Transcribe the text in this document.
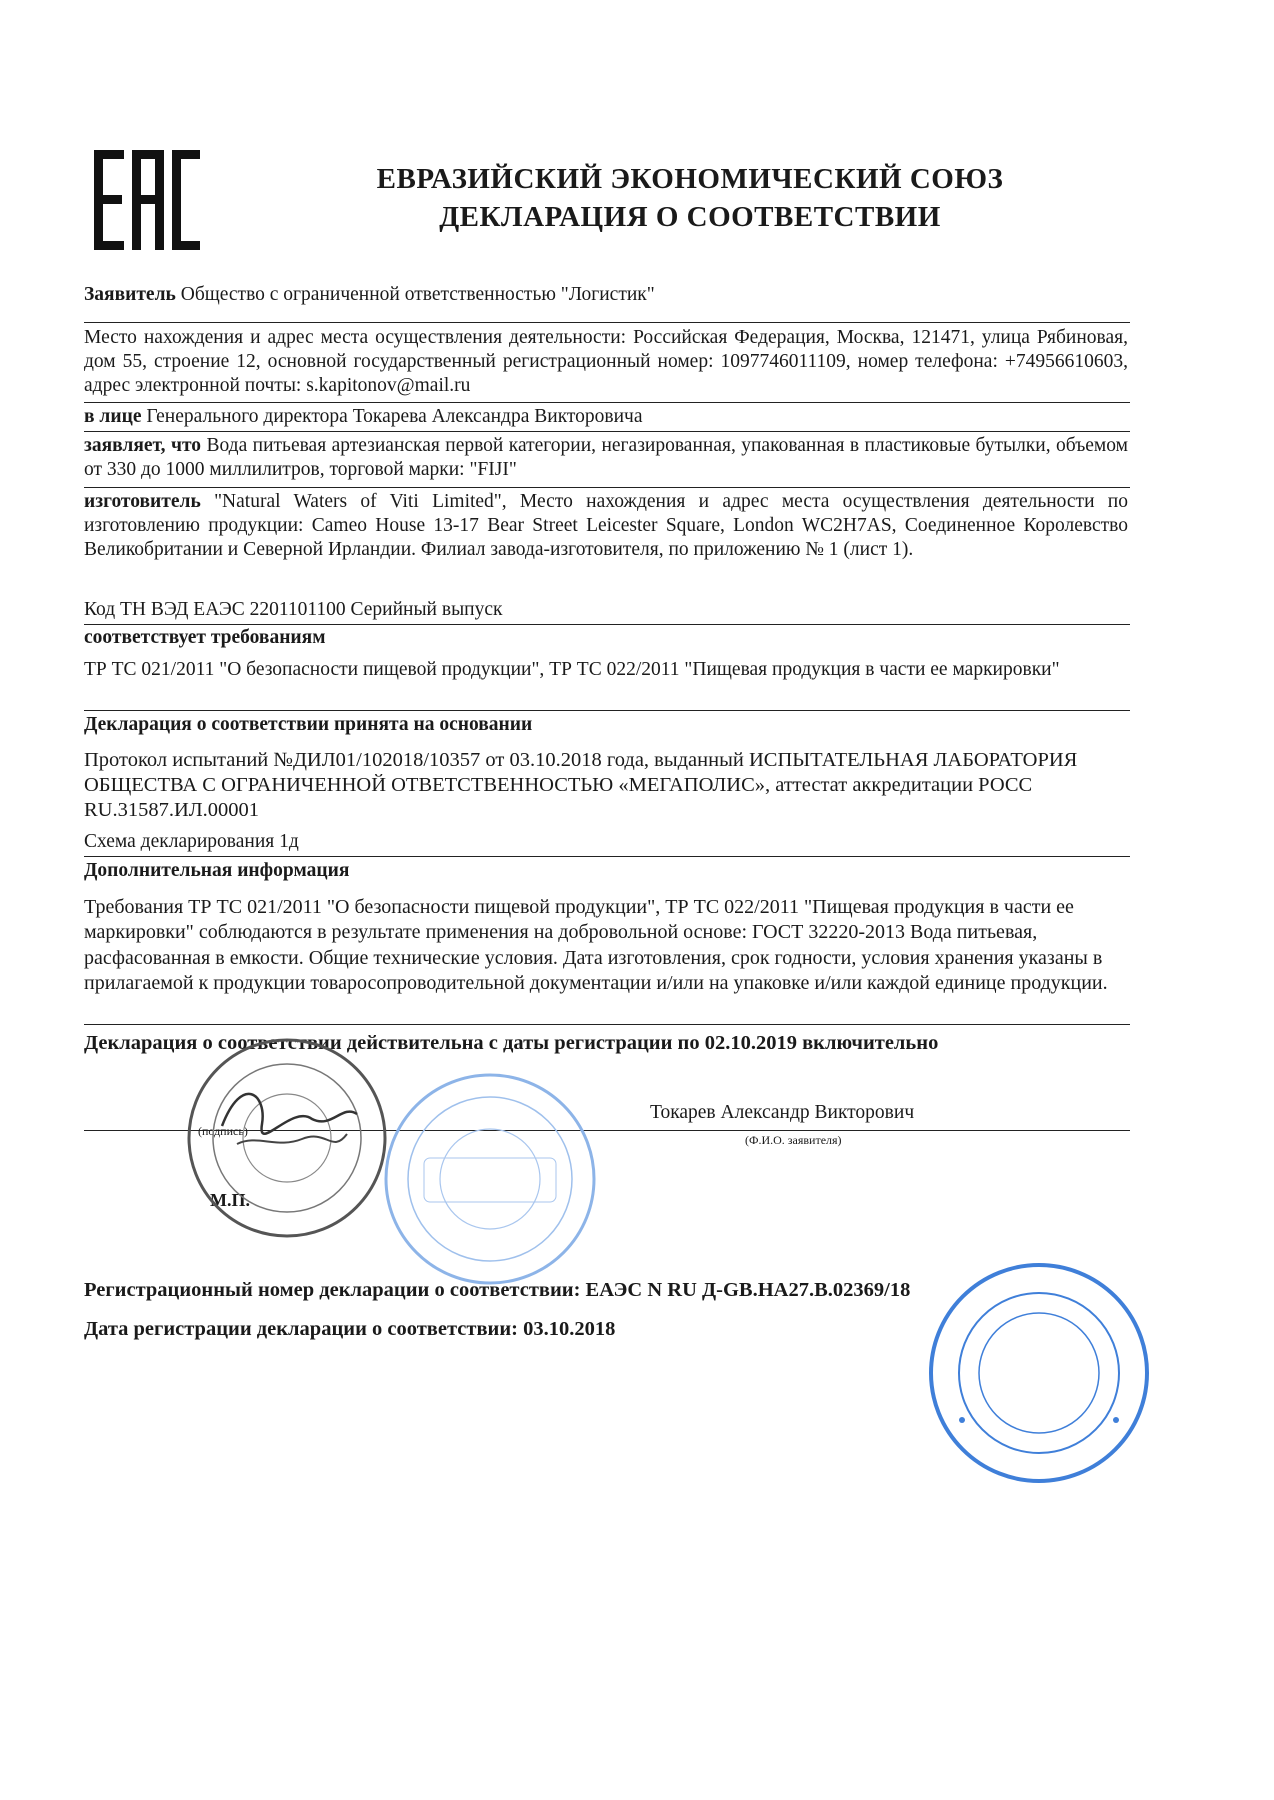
ЕВРАЗИЙСКИЙ ЭКОНОМИЧЕСКИЙ СОЮЗ
ДЕКЛАРАЦИЯ О СООТВЕТСТВИИ

Заявитель Общество с ограниченной ответственностью "Логистик"

Место нахождения и адрес места осуществления деятельности: Российская Федерация, Москва, 121471, улица Рябиновая, дом 55, строение 12, основной государственный регистрационный номер: 1097746011109, номер телефона: +74956610603, адрес электронной почты: s.kapitonov@mail.ru

в лице Генерального директора Токарева Александра Викторовича

заявляет, что Вода питьевая артезианская первой категории, негазированная, упакованная в пластиковые бутылки, объемом от 330 до 1000 миллилитров, торговой марки: "FIJI"

изготовитель "Natural Waters of Viti Limited", Место нахождения и адрес места осуществления деятельности по изготовлению продукции: Cameo House 13-17 Bear Street Leicester Square, London WC2H7AS, Соединенное Королевство Великобритании и Северной Ирландии. Филиал завода-изготовителя, по приложению № 1 (лист 1).

Код ТН ВЭД ЕАЭС 2201101100 Серийный выпуск

соответствует требованиям

ТР ТС 021/2011 "О безопасности пищевой продукции", ТР ТС 022/2011 "Пищевая продукция в части ее маркировки"

Декларация о соответствии принята на основании

Протокол испытаний №ДИЛ01/102018/10357 от 03.10.2018 года, выданный ИСПЫТАТЕЛЬНАЯ ЛАБОРАТОРИЯ ОБЩЕСТВА С ОГРАНИЧЕННОЙ ОТВЕТСТВЕННОСТЬЮ «МЕГАПОЛИС», аттестат аккредитации РОСС RU.31587.ИЛ.00001

Схема декларирования 1д

Дополнительная информация

Требования ТР ТС 021/2011 "О безопасности пищевой продукции", ТР ТС 022/2011 "Пищевая продукция в части ее маркировки" соблюдаются в результате применения на добровольной основе: ГОСТ 32220-2013 Вода питьевая, расфасованная в емкости. Общие технические условия. Дата изготовления, срок годности, условия хранения указаны в прилагаемой к продукции товаросопроводительной документации и/или на упаковке и/или каждой единице продукции.

Декларация о соответствии действительна с даты регистрации по 02.10.2019 включительно

Токарев Александр Викторович
(подпись)
(Ф.И.О. заявителя)
М.П.

Регистрационный номер декларации о соответствии: ЕАЭС N RU Д-GB.НА27.В.02369/18

Дата регистрации декларации о соответствии: 03.10.2018
